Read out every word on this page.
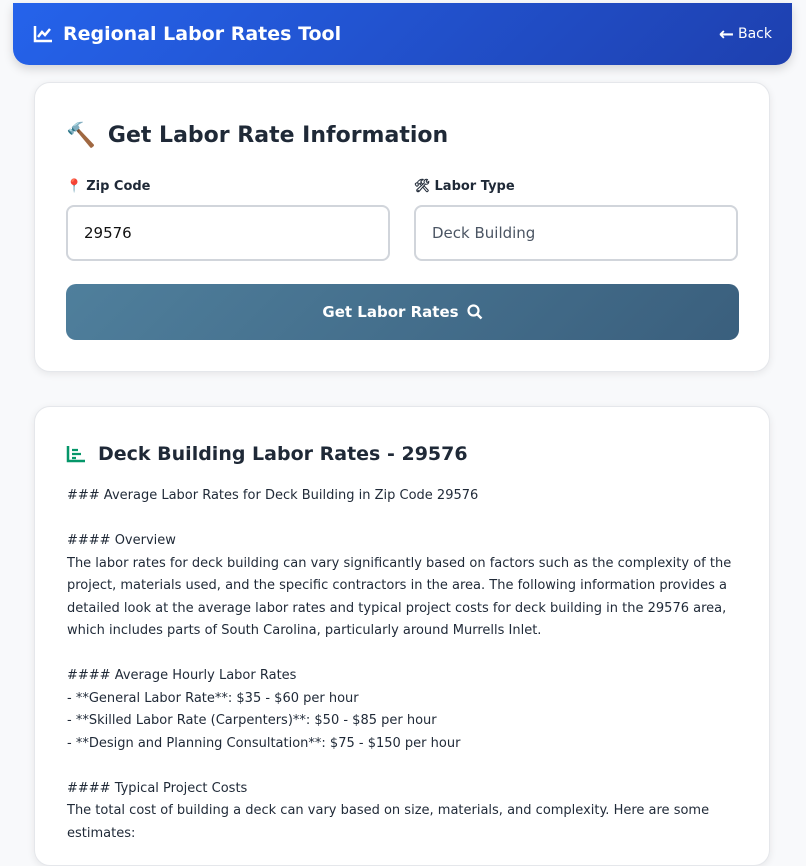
Regional Labor Rates Tool	← Back
🔨 Get Labor Rate Information
📍 Zip Code
29576	🛠 Labor Type
Deck Building
Get Labor Rates
Deck Building Labor Rates - 29576
### Average Labor Rates for Deck Building in Zip Code 29576
#### Overview
The labor rates for deck building can vary significantly based on factors such as the complexity of the project, materials used, and the specific contractors in the area. The following information provides a detailed look at the average labor rates and typical project costs for deck building in the 29576 area, which includes parts of South Carolina, particularly around Murrells Inlet.
#### Average Hourly Labor Rates
- **General Labor Rate**: $35 - $60 per hour
- **Skilled Labor Rate (Carpenters)**: $50 - $85 per hour
- **Design and Planning Consultation**: $75 - $150 per hour
#### Typical Project Costs
The total cost of building a deck can vary based on size, materials, and complexity. Here are some estimates:
